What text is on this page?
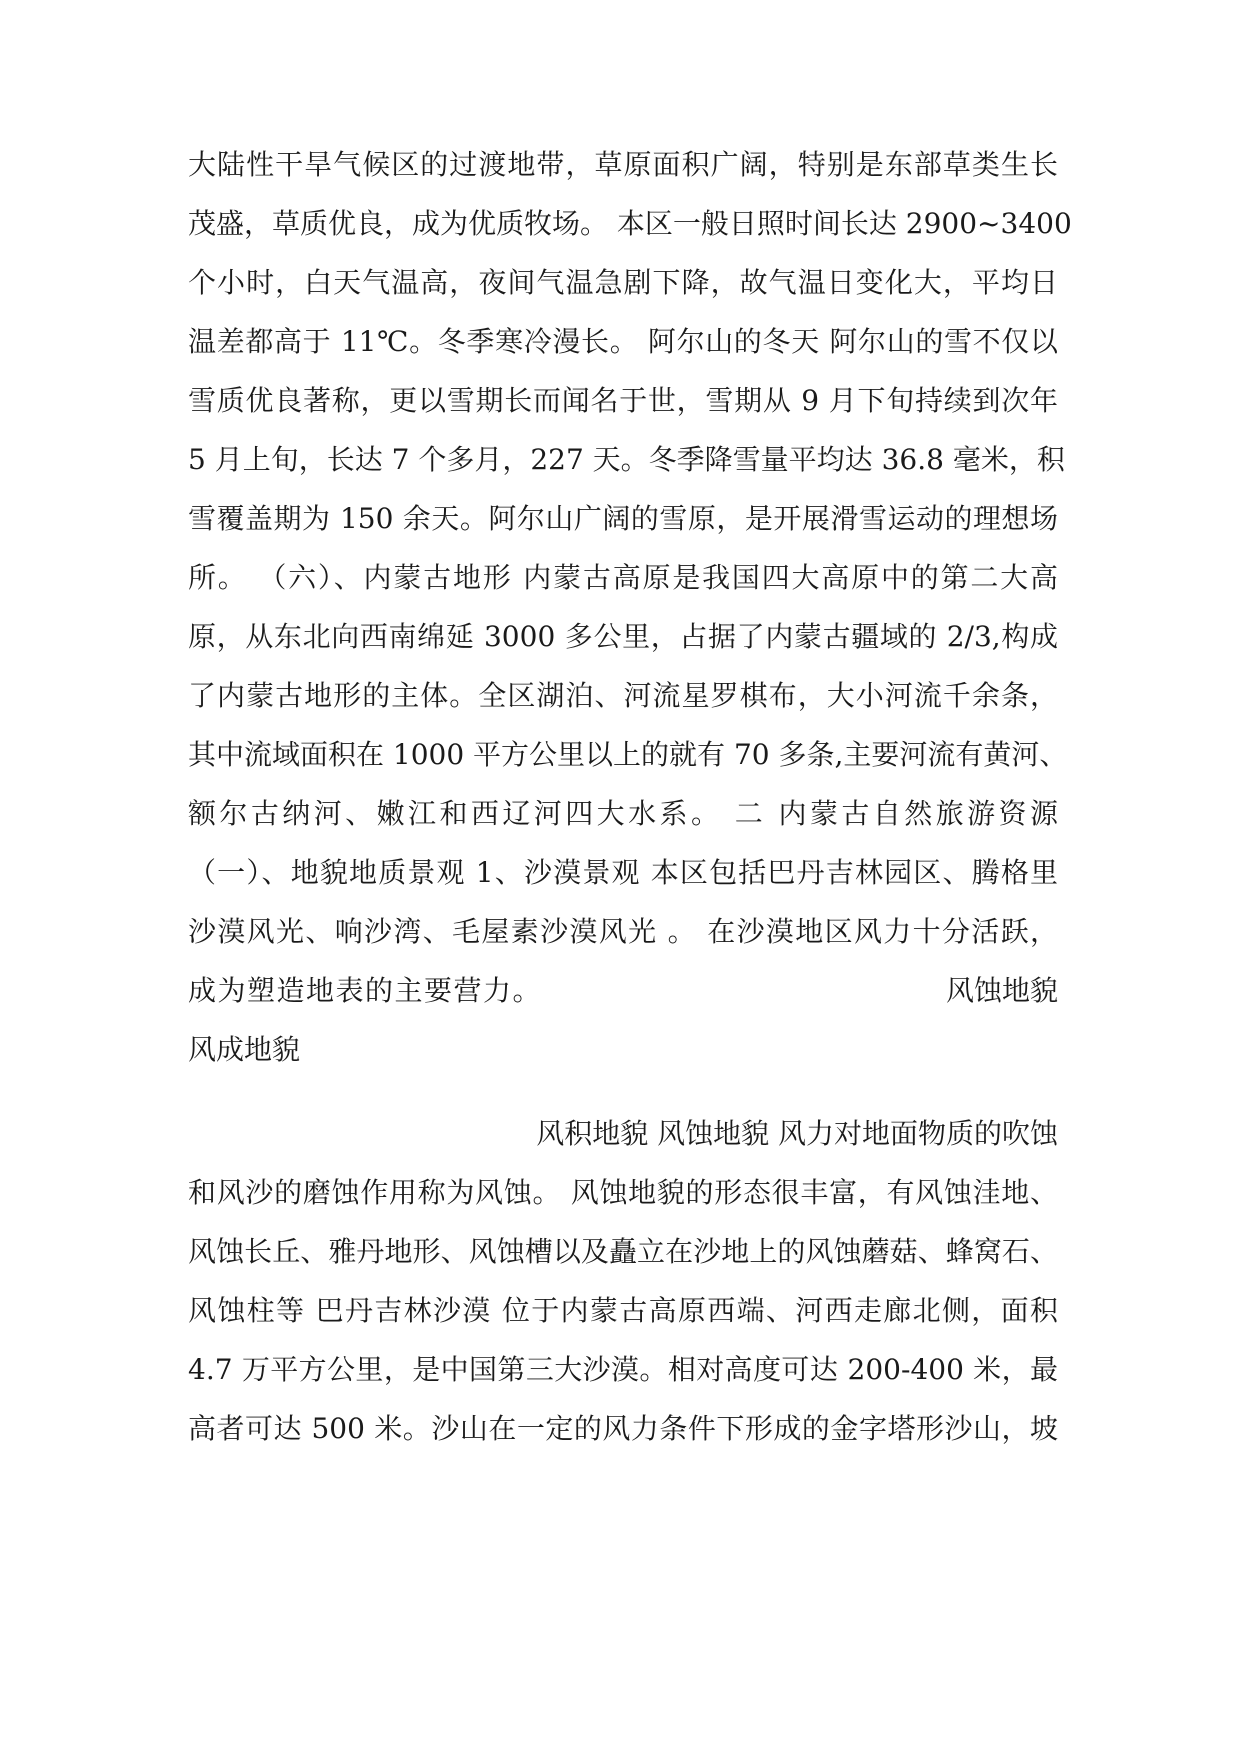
大陆性干旱气候区的过渡地带，草原面积广阔，特别是东部草类生长
茂盛，草质优良，成为优质牧场。 本区一般日照时间长达 2900~3400
个小时，白天气温高，夜间气温急剧下降，故气温日变化大，平均日
温差都高于 11℃。冬季寒冷漫长。 阿尔山的冬天 阿尔山的雪不仅以
雪质优良著称，更以雪期长而闻名于世，雪期从 9 月下旬持续到次年
5 月上旬，长达 7 个多月，227 天。冬季降雪量平均达 36.8 毫米，积
雪覆盖期为 150 余天。阿尔山广阔的雪原，是开展滑雪运动的理想场
所。 （六）、内蒙古地形 内蒙古高原是我国四大高原中的第二大高
原，从东北向西南绵延 3000 多公里，占据了内蒙古疆域的 2/3,构成
了内蒙古地形的主体。全区湖泊、河流星罗棋布，大小河流千余条，
其中流域面积在 1000 平方公里以上的就有 70 多条,主要河流有黄河、
额尔古纳河、嫩江和西辽河四大水系。 二 内蒙古自然旅游资源
（一）、地貌地质景观 1、沙漠景观 本区包括巴丹吉林园区、腾格里
沙漠风光、响沙湾、毛屋素沙漠风光 。 在沙漠地区风力十分活跃，
成为塑造地表的主要营力。	风蚀地貌
风成地貌
风积地貌 风蚀地貌 风力对地面物质的吹蚀
和风沙的磨蚀作用称为风蚀。 风蚀地貌的形态很丰富，有风蚀洼地、
风蚀长丘、雅丹地形、风蚀槽以及矗立在沙地上的风蚀蘑菇、蜂窝石、
风蚀柱等 巴丹吉林沙漠 位于内蒙古高原西端、河西走廊北侧，面积
4.7 万平方公里，是中国第三大沙漠。相对高度可达 200-400 米，最
高者可达 500 米。沙山在一定的风力条件下形成的金字塔形沙山，坡
